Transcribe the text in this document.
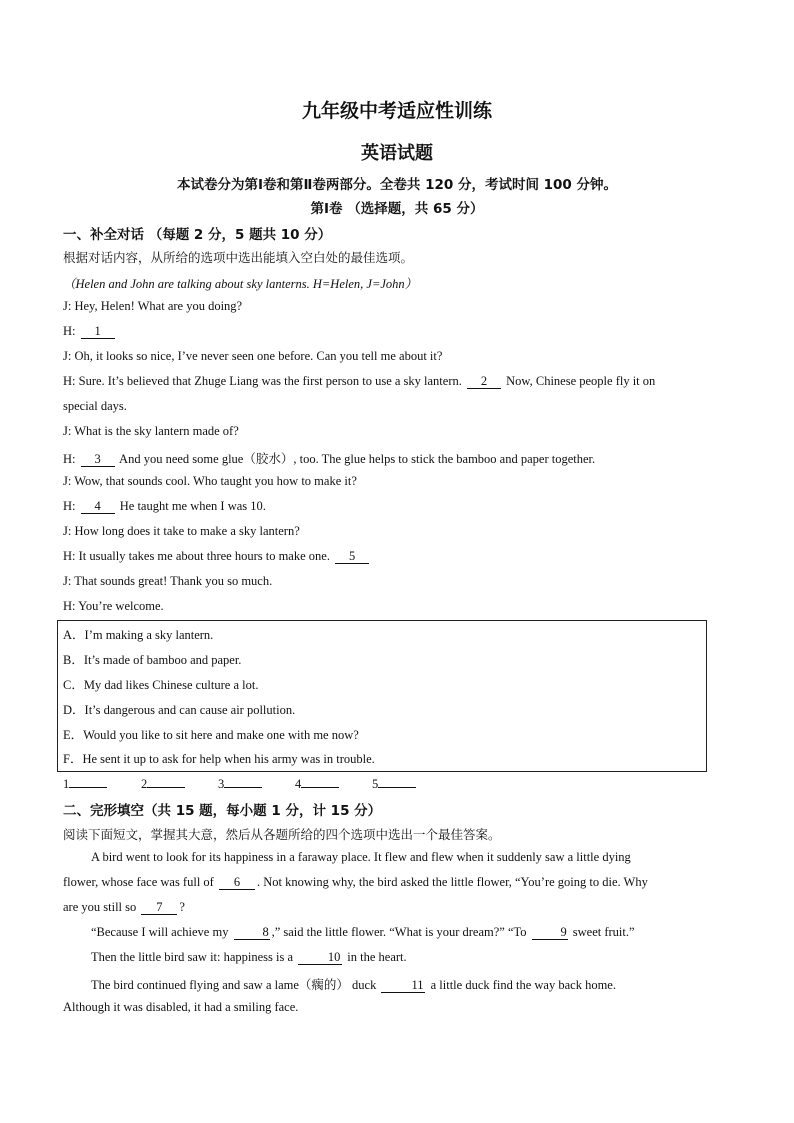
九年级中考适应性训练
英语试题
本试卷分为第Ⅰ卷和第Ⅱ卷两部分。全卷共 120 分，考试时间 100 分钟。
第Ⅰ卷 （选择题，共 65 分）
一、补全对话 （每题 2 分，5 题共 10 分）
根据对话内容，从所给的选项中选出能填入空白处的最佳选项。
（Helen and John are talking about sky lanterns. H=Helen, J=John）
J: Hey, Helen! What are you doing?
H: 1
J: Oh, it looks so nice, I’ve never seen one before. Can you tell me about it?
H: Sure. It’s believed that Zhuge Liang was the first person to use a sky lantern. 2 Now, Chinese people fly it on
special days.
J: What is the sky lantern made of?
H: 3 And you need some glue（胶水）, too. The glue helps to stick the bamboo and paper together.
J: Wow, that sounds cool. Who taught you how to make it?
H: 4 He taught me when I was 10.
J: How long does it take to make a sky lantern?
H: It usually takes me about three hours to make one. 5
J: That sounds great! Thank you so much.
H: You’re welcome.
A．I’m making a sky lantern.
B．It’s made of bamboo and paper.
C．My dad likes Chinese culture a lot.
D．It’s dangerous and can cause air pollution.
E．Would you like to sit here and make one with me now?
F．He sent it up to ask for help when his army was in trouble.
1	2	3	4	5
二、完形填空（共 15 题，每小题 1 分，计 15 分）
阅读下面短文，掌握其大意，然后从各题所给的四个选项中选出一个最佳答案。
A bird went to look for its happiness in a faraway place. It flew and flew when it suddenly saw a little dying
flower, whose face was full of 6 . Not knowing why, the bird asked the little flower, “You’re going to die. Why
are you still so 7 ?
“Because I will achieve my 8 ,” said the little flower. “What is your dream?” “To 9 sweet fruit.”
Then the little bird saw it: happiness is a	10 in the heart.
The bird continued flying and saw a lame（瘸的） duck	11 a little duck find the way back home.
Although it was disabled, it had a smiling face.
